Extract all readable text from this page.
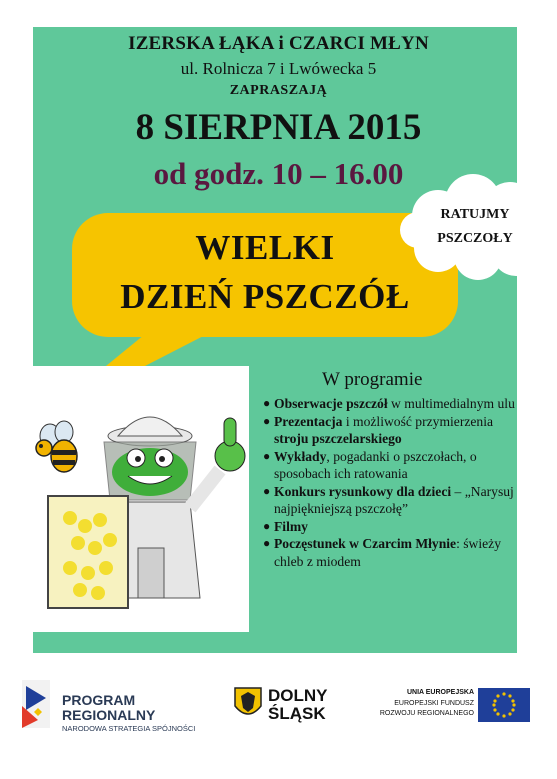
IZERSKA ŁĄKA i CZARCI MŁYN
ul. Rolnicza 7 i Lwówecka 5
ZAPRASZAJĄ
8 SIERPNIA 2015
od godz. 10 – 16.00
WIELKI
DZIEŃ PSZCZÓŁ
RATUJMY
PSZCZOŁY
W programie
● Obserwacje pszczół w multimedialnym ulu
● Prezentacja i możliwość przymierzenia stroju pszczelarskiego
● Wykłady, pogadanki o pszczołach, o sposobach ich ratowania
● Konkurs rysunkowy dla dzieci – „Narysuj najpiękniejszą pszczołę”
● Filmy
● Poczęstunek w Czarcim Młynie: świeży chleb z miodem
PROGRAM
REGIONALNY
NARODOWA STRATEGIA SPÓJNOŚCI
DOLNY
ŚLĄSK
UNIA EUROPEJSKA
EUROPEJSKI FUNDUSZ
ROZWOJU REGIONALNEGO
